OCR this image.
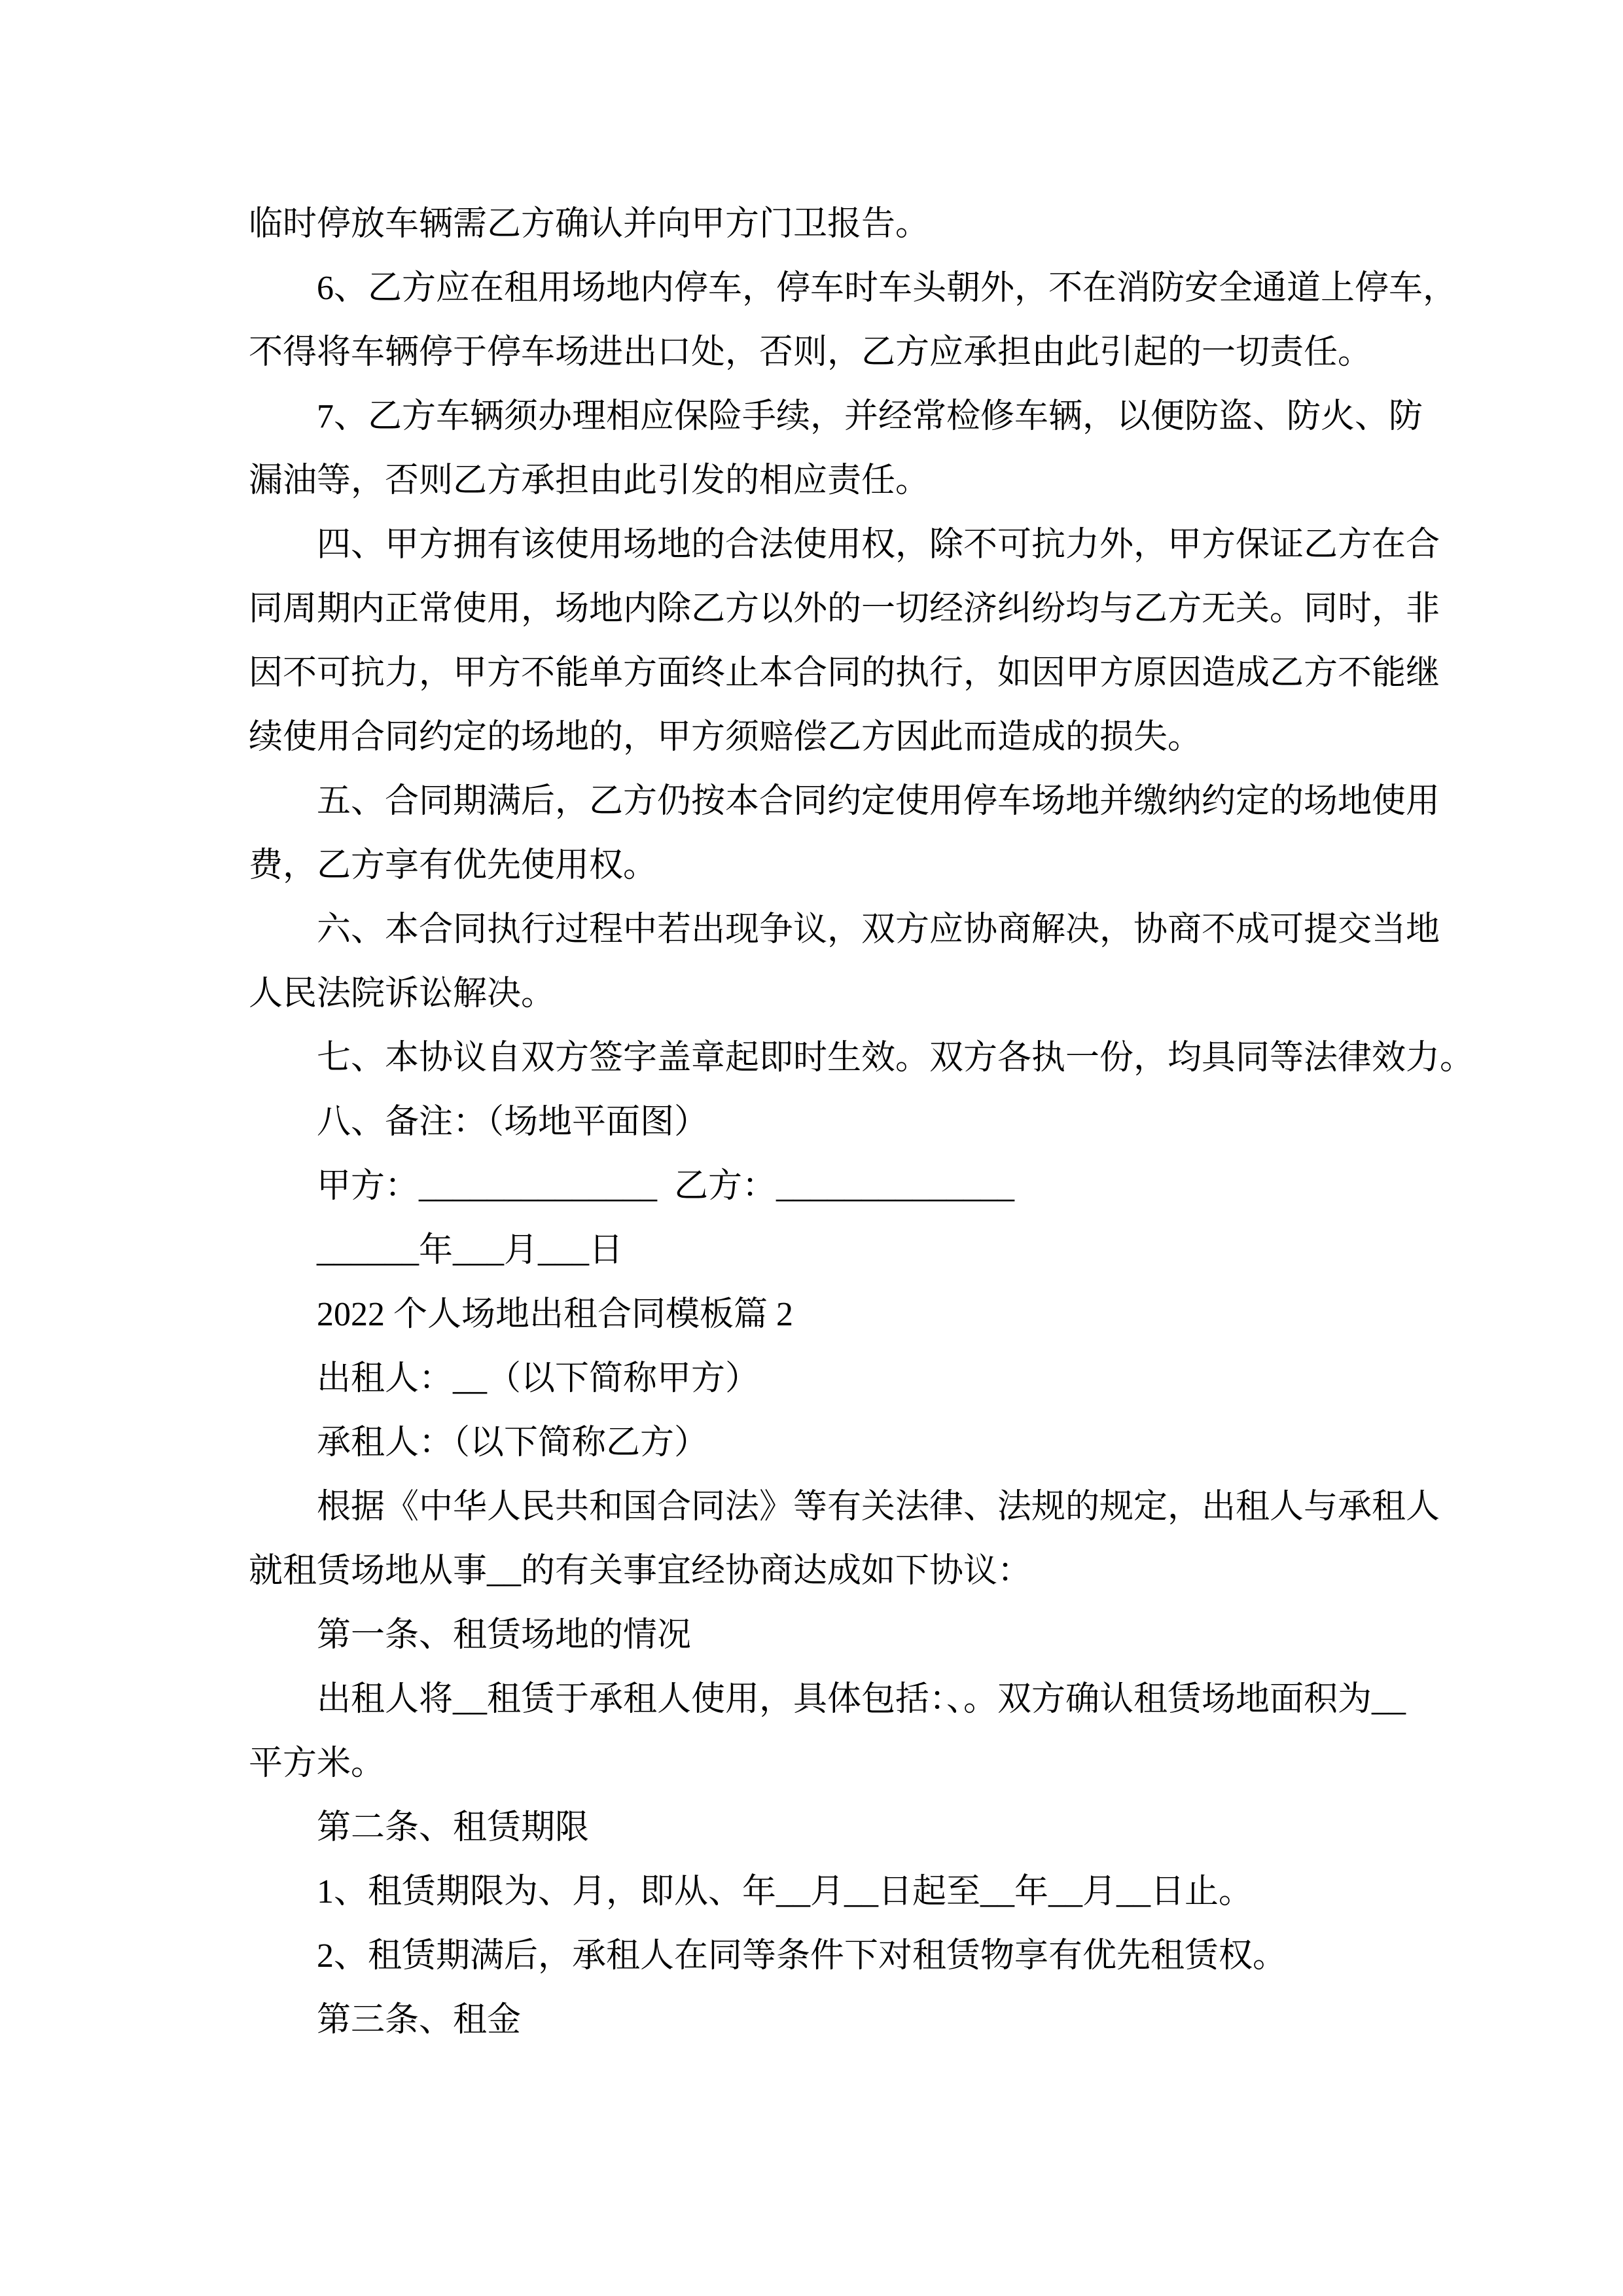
临时停放车辆需乙方确认并向甲方门卫报告。
6、乙方应在租用场地内停车，停车时车头朝外，不在消防安全通道上停车，
不得将车辆停于停车场进出口处，否则，乙方应承担由此引起的一切责任。
7、乙方车辆须办理相应保险手续，并经常检修车辆，以便防盗、防火、防
漏油等，否则乙方承担由此引发的相应责任。
四、甲方拥有该使用场地的合法使用权，除不可抗力外，甲方保证乙方在合
同周期内正常使用，场地内除乙方以外的一切经济纠纷均与乙方无关。同时，非
因不可抗力，甲方不能单方面终止本合同的执行，如因甲方原因造成乙方不能继
续使用合同约定的场地的，甲方须赔偿乙方因此而造成的损失。
五、合同期满后，乙方仍按本合同约定使用停车场地并缴纳约定的场地使用
费，乙方享有优先使用权。
六、本合同执行过程中若出现争议，双方应协商解决，协商不成可提交当地
人民法院诉讼解决。
七、本协议自双方签字盖章起即时生效。双方各执一份，均具同等法律效力。
八、备注：（场地平面图）
甲方：______________  乙方：______________
______年___月___日
2022 个人场地出租合同模板篇 2
出租人：__（以下简称甲方）
承租人：（以下简称乙方）
根据《中华人民共和国合同法》等有关法律、法规的规定，出租人与承租人
就租赁场地从事__的有关事宜经协商达成如下协议：
第一条、租赁场地的情况
出租人将__租赁于承租人使用，具体包括：、。双方确认租赁场地面积为__
平方米。
第二条、租赁期限
1、租赁期限为、月，即从、年__月__日起至__年__月__日止。
2、租赁期满后，承租人在同等条件下对租赁物享有优先租赁权。
第三条、租金
